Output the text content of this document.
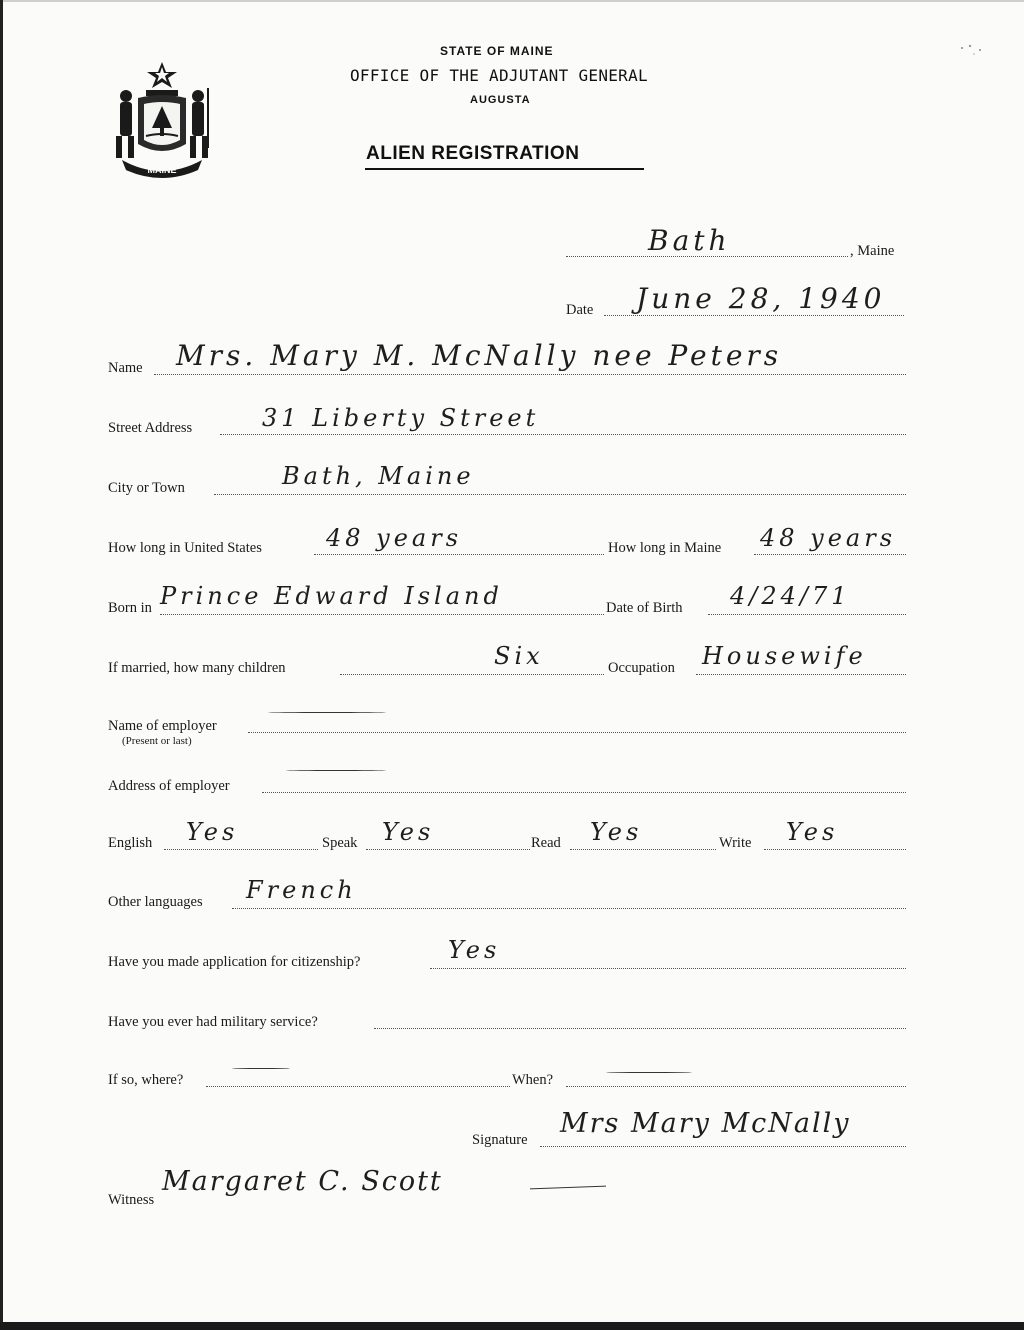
MAINE
STATE OF MAINE
OFFICE OF THE ADJUTANT GENERAL
AUGUSTA
ALIEN REGISTRATION
Bath	, Maine
Date June 28, 1940
Name Mrs. Mary M. McNally nee Peters
Street Address	31 Liberty Street
City or Town	Bath, Maine
How long in United States	48 years	How long in Maine 48 years
Born in Prince Edward Island	Date of Birth 4/24/71
If married, how many children	Six	Occupation Housewife
Name of employer
(Present or last)
Address of employer
English Yes	Speak Yes	Read Yes	Write Yes
Other languages French
Have you made application for citizenship?	Yes
Have you ever had military service?
If so, where?	When?
Signature
Mrs Mary McNally
Witness
Margaret C. Scott
